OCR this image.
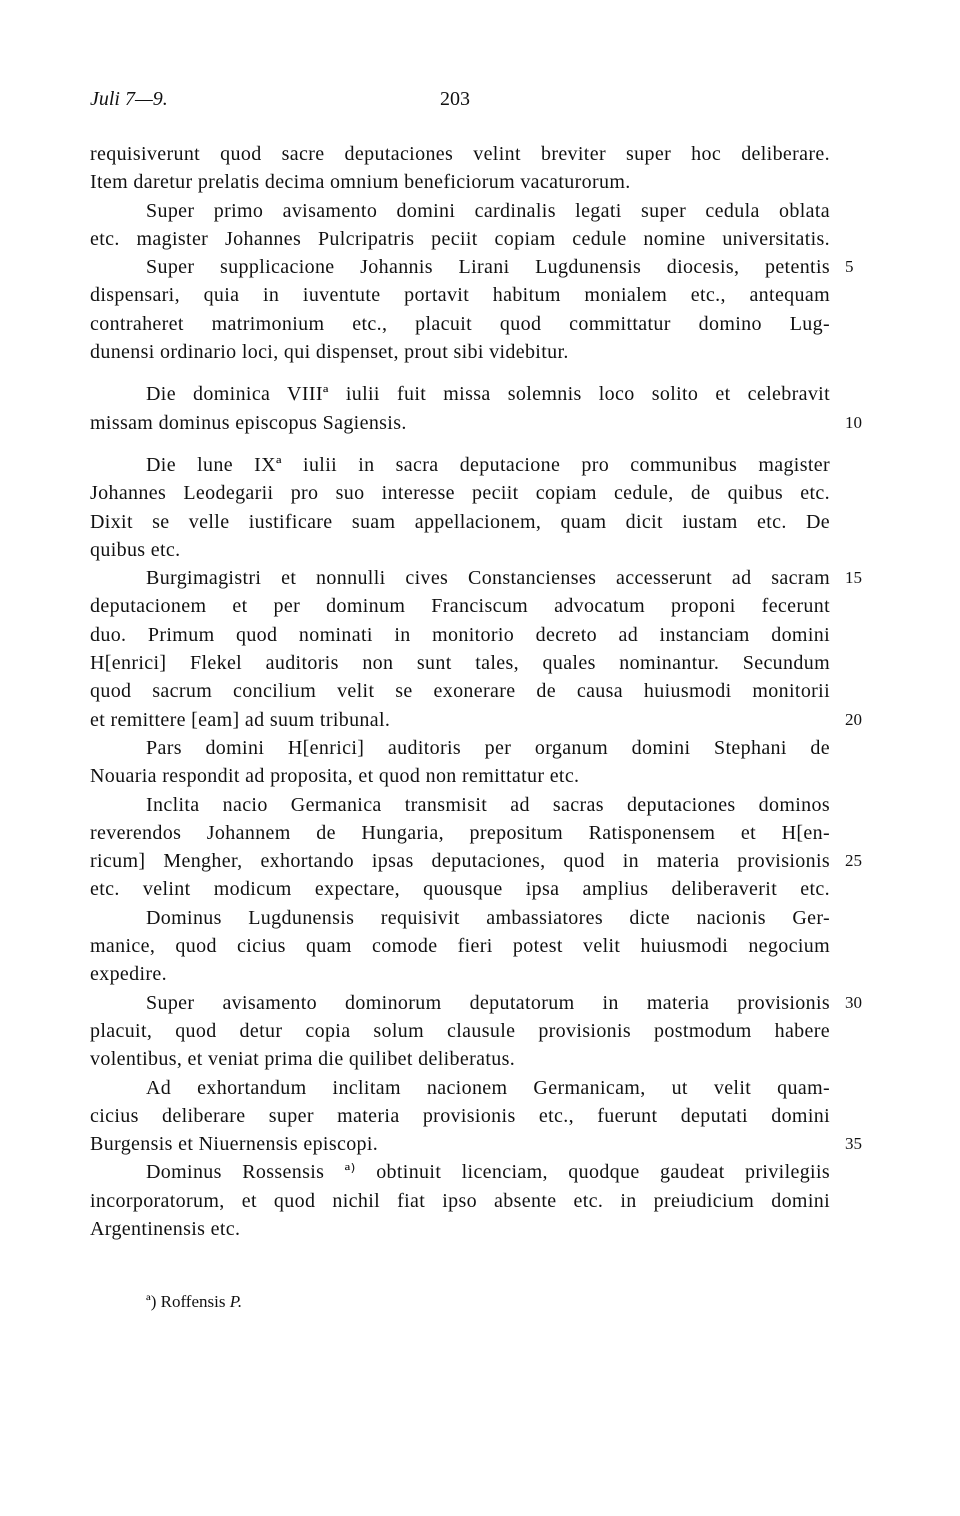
Juli 7—9.	203
requisiverunt quod sacre deputaciones velint breviter super hoc deliberare.
Item daretur prelatis decima omnium beneficiorum vacaturorum.
Super primo avisamento domini cardinalis legati super cedula oblata
etc. magister Johannes Pulcripatris peciit copiam cedule nomine universitatis.
Super supplicacione Johannis Lirani Lugdunensis diocesis, petentis 5
dispensari, quia in iuventute portavit habitum monialem etc., antequam
contraheret matrimonium etc., placuit quod committatur domino Lug-
dunensi ordinario loci, qui dispenset, prout sibi videbitur.
Die dominica VIIIª iulii fuit missa solemnis loco solito et celebravit
missam dominus episcopus Sagiensis.	10
Die lune IXª iulii in sacra deputacione pro communibus magister
Johannes Leodegarii pro suo interesse peciit copiam cedule, de quibus etc.
Dixit se velle iustificare suam appellacionem, quam dicit iustam etc. De
quibus etc.
Burgimagistri et nonnulli cives Constancienses accesserunt ad sacram 15
deputacionem et per dominum Franciscum advocatum proponi fecerunt
duo. Primum quod nominati in monitorio decreto ad instanciam domini
H[enrici] Flekel auditoris non sunt tales, quales nominantur. Secundum
quod sacrum concilium velit se exonerare de causa huiusmodi monitorii
et remittere [eam] ad suum tribunal.	20
Pars domini H[enrici] auditoris per organum domini Stephani de
Nouaria respondit ad proposita, et quod non remittatur etc.
Inclita nacio Germanica transmisit ad sacras deputaciones dominos
reverendos Johannem de Hungaria, prepositum Ratisponensem et H[en-
ricum] Mengher, exhortando ipsas deputaciones, quod in materia provisionis 25
etc. velint modicum expectare, quousque ipsa amplius deliberaverit etc.
Dominus Lugdunensis requisivit ambassiatores dicte nacionis Ger-
manice, quod cicius quam comode fieri potest velit huiusmodi negocium
expedire.
Super avisamento dominorum deputatorum in materia provisionis 30
placuit, quod detur copia solum clausule provisionis postmodum habere
volentibus, et veniat prima die quilibet deliberatus.
Ad exhortandum inclitam nacionem Germanicam, ut velit quam-
cicius deliberare super materia provisionis etc., fuerunt deputati domini
Burgensis et Niuernensis episcopi.	35
Dominus Rossensis ª⁾ obtinuit licenciam, quodque gaudeat privilegiis
incorporatorum, et quod nichil fiat ipso absente etc. in preiudicium domini
Argentinensis etc.
ª) Roffensis P.
